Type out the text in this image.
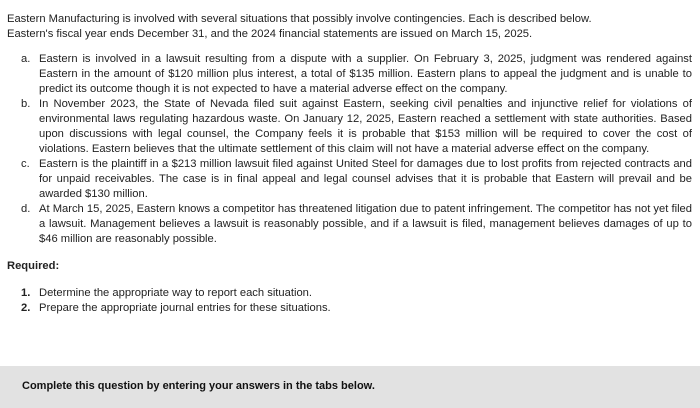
Eastern Manufacturing is involved with several situations that possibly involve contingencies. Each is described below.
Eastern's fiscal year ends December 31, and the 2024 financial statements are issued on March 15, 2025.
a. Eastern is involved in a lawsuit resulting from a dispute with a supplier. On February 3, 2025, judgment was rendered against Eastern in the amount of $120 million plus interest, a total of $135 million. Eastern plans to appeal the judgment and is unable to predict its outcome though it is not expected to have a material adverse effect on the company.
b. In November 2023, the State of Nevada filed suit against Eastern, seeking civil penalties and injunctive relief for violations of environmental laws regulating hazardous waste. On January 12, 2025, Eastern reached a settlement with state authorities. Based upon discussions with legal counsel, the Company feels it is probable that $153 million will be required to cover the cost of violations. Eastern believes that the ultimate settlement of this claim will not have a material adverse effect on the company.
c. Eastern is the plaintiff in a $213 million lawsuit filed against United Steel for damages due to lost profits from rejected contracts and for unpaid receivables. The case is in final appeal and legal counsel advises that it is probable that Eastern will prevail and be awarded $130 million.
d. At March 15, 2025, Eastern knows a competitor has threatened litigation due to patent infringement. The competitor has not yet filed a lawsuit. Management believes a lawsuit is reasonably possible, and if a lawsuit is filed, management believes damages of up to $46 million are reasonably possible.
Required:
1. Determine the appropriate way to report each situation.
2. Prepare the appropriate journal entries for these situations.
Complete this question by entering your answers in the tabs below.
